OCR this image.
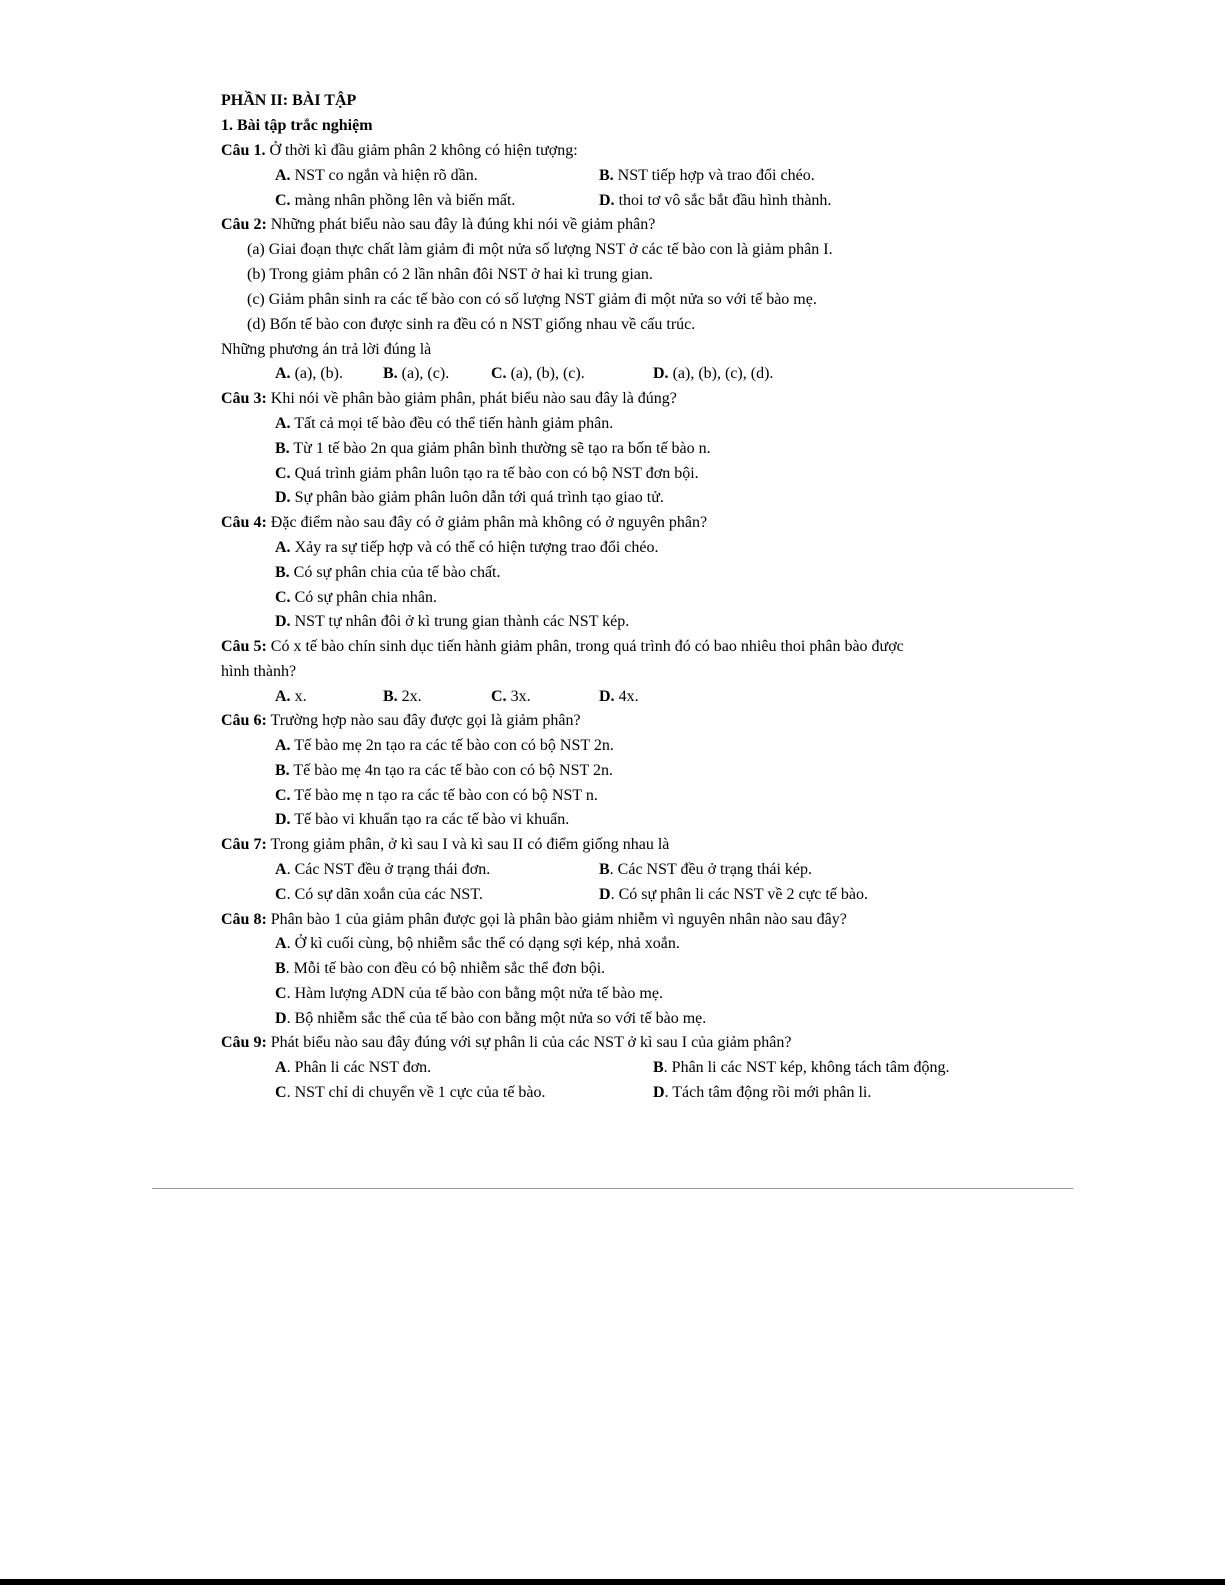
PHẦN II: BÀI TẬP
1. Bài tập trắc nghiệm
Câu 1. Ở thời kì đầu giảm phân 2 không có hiện tượng:
A. NST co ngắn và hiện rõ dần.	B. NST tiếp hợp và trao đổi chéo.
C. màng nhân phồng lên và biến mất.	D. thoi tơ vô sắc bắt đầu hình thành.
Câu 2: Những phát biểu nào sau đây là đúng khi nói về giảm phân?
(a) Giai đoạn thực chất làm giảm đi một nửa số lượng NST ở các tế bào con là giảm phân I.
(b) Trong giảm phân có 2 lần nhân đôi NST ở hai kì trung gian.
(c) Giảm phân sinh ra các tế bào con có số lượng NST giảm đi một nửa so với tế bào mẹ.
(d) Bốn tế bào con được sinh ra đều có n NST giống nhau về cấu trúc.
Những phương án trả lời đúng là
A. (a), (b).	B. (a), (c).	C. (a), (b), (c).	D. (a), (b), (c), (d).
Câu 3: Khi nói về phân bào giảm phân, phát biểu nào sau đây là đúng?
A. Tất cả mọi tế bào đều có thể tiến hành giảm phân.
B. Từ 1 tế bào 2n qua giảm phân bình thường sẽ tạo ra bốn tế bào n.
C. Quá trình giảm phân luôn tạo ra tế bào con có bộ NST đơn bội.
D. Sự phân bào giảm phân luôn dẫn tới quá trình tạo giao tử.
Câu 4: Đặc điểm nào sau đây có ở giảm phân mà không có ở nguyên phân?
A. Xảy ra sự tiếp hợp và có thể có hiện tượng trao đổi chéo.
B. Có sự phân chia của tế bào chất.
C. Có sự phân chia nhân.
D. NST tự nhân đôi ở kì trung gian thành các NST kép.
Câu 5: Có x tế bào chín sinh dục tiến hành giảm phân, trong quá trình đó có bao nhiêu thoi phân bào được
hình thành?
A. x.	B. 2x.	C. 3x.	D. 4x.
Câu 6: Trường hợp nào sau đây được gọi là giảm phân?
A. Tế bào mẹ 2n tạo ra các tế bào con có bộ NST 2n.
B. Tế bào mẹ 4n tạo ra các tế bào con có bộ NST 2n.
C. Tế bào mẹ n tạo ra các tế bào con có bộ NST n.
D. Tế bào vi khuẩn tạo ra các tế bào vi khuẩn.
Câu 7: Trong giảm phân, ở kì sau I và kì sau II có điểm giống nhau là
A. Các NST đều ở trạng thái đơn.	B. Các NST đều ở trạng thái kép.
C. Có sự dãn xoắn của các NST.	D. Có sự phân li các NST về 2 cực tế bào.
Câu 8: Phân bào 1 của giảm phân được gọi là phân bào giảm nhiễm vì nguyên nhân nào sau đây?
A. Ở kì cuối cùng, bộ nhiễm sắc thể có dạng sợi kép, nhả xoắn.
B. Mỗi tế bào con đều có bộ nhiễm sắc thể đơn bội.
C. Hàm lượng ADN của tế bào con bằng một nửa tế bào mẹ.
D. Bộ nhiễm sắc thể của tế bào con bằng một nửa so với tế bào mẹ.
Câu 9: Phát biểu nào sau đây đúng với sự phân li của các NST ở kì sau I của giảm phân?
A. Phân li các NST đơn.	B. Phân li các NST kép, không tách tâm động.
C. NST chỉ di chuyển về 1 cực của tế bào.	D. Tách tâm động rồi mới phân li.
